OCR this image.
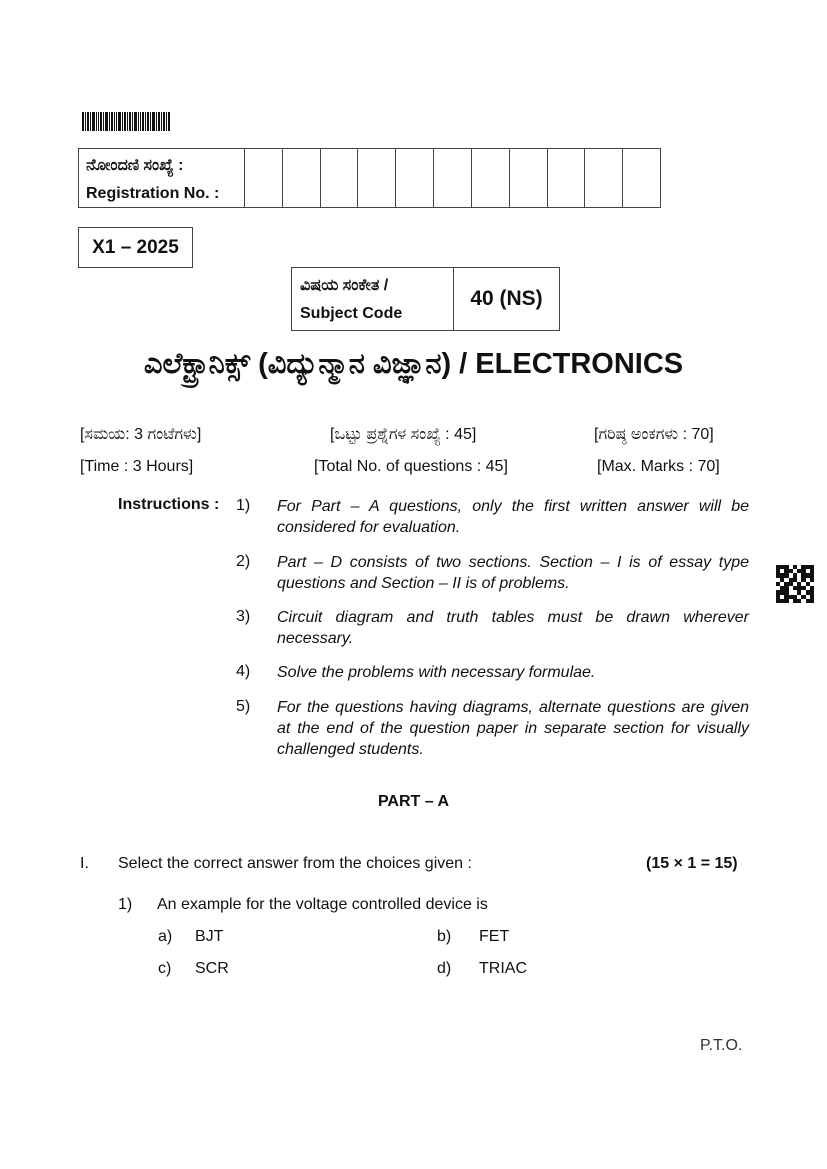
ನೋಂದಣಿ ಸಂಖ್ಯೆ :
Registration No. :
X1 – 2025
ವಿಷಯ ಸಂಕೇತ /
Subject Code
40 (NS)
ಎಲೆಕ್ಟ್ರಾನಿಕ್ಸ್ (ವಿದ್ಯುನ್ಮಾನ ವಿಜ್ಞಾನ) / ELECTRONICS
[ಸಮಯ: 3 ಗಂಟೆಗಳು]	[ಒಟ್ಟು ಪ್ರಶ್ನೆಗಳ ಸಂಖ್ಯೆ : 45]	[ಗರಿಷ್ಠ ಅಂಕಗಳು : 70]
[Time : 3 Hours]	[Total No. of questions : 45]	[Max. Marks : 70]
Instructions : 1) For Part – A questions, only the first written answer will be considered for evaluation.
2) Part – D consists of two sections. Section – I is of essay type questions and Section – II is of problems.
3) Circuit diagram and truth tables must be drawn wherever necessary.
4) Solve the problems with necessary formulae.
5) For the questions having diagrams, alternate questions are given at the end of the question paper in separate section for visually challenged students.
PART – A
I. Select the correct answer from the choices given :	(15 × 1 = 15)
1) An example for the voltage controlled device is
a) BJT	b) FET
c) SCR	d) TRIAC
P.T.O.
